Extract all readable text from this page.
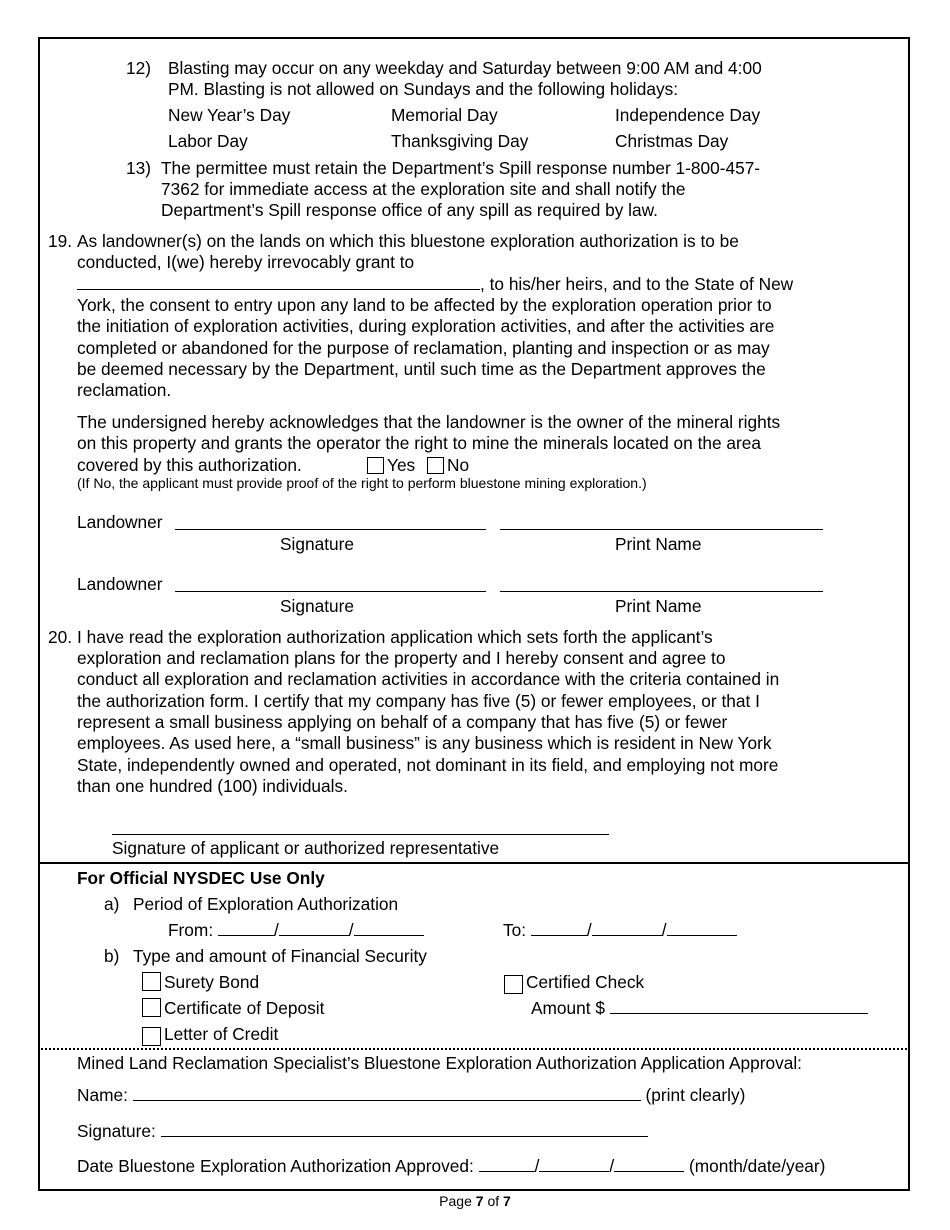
12) Blasting may occur on any weekday and Saturday between 9:00 AM and 4:00
PM. Blasting is not allowed on Sundays and the following holidays:
New Year’s Day	Memorial Day	Independence Day
Labor Day	Thanksgiving Day	Christmas Day
13) The permittee must retain the Department’s Spill response number 1-800-457-
7362 for immediate access at the exploration site and shall notify the
Department’s Spill response office of any spill as required by law.
19. As landowner(s) on the lands on which this bluestone exploration authorization is to be
conducted, I(we) hereby irrevocably grant to
, to his/her heirs, and to the State of New
York, the consent to entry upon any land to be affected by the exploration operation prior to
the initiation of exploration activities, during exploration activities, and after the activities are
completed or abandoned for the purpose of reclamation, planting and inspection or as may
be deemed necessary by the Department, until such time as the Department approves the
reclamation.
The undersigned hereby acknowledges that the landowner is the owner of the mineral rights
on this property and grants the operator the right to mine the minerals located on the area
covered by this authorization.	Yes	No
(If No, the applicant must provide proof of the right to perform bluestone mining exploration.)
Landowner
Signature	Print Name
Landowner
Signature	Print Name
20. I have read the exploration authorization application which sets forth the applicant’s
exploration and reclamation plans for the property and I hereby consent and agree to
conduct all exploration and reclamation activities in accordance with the criteria contained in
the authorization form. I certify that my company has five (5) or fewer employees, or that I
represent a small business applying on behalf of a company that has five (5) or fewer
employees. As used here, a “small business” is any business which is resident in New York
State, independently owned and operated, not dominant in its field, and employing not more
than one hundred (100) individuals.
Signature of applicant or authorized representative
For Official NYSDEC Use Only
a) Period of Exploration Authorization
From:	/	/	To:	/	/
b) Type and amount of Financial Security
Surety Bond	Certified Check
Certificate of Deposit	Amount $
Letter of Credit
Mined Land Reclamation Specialist’s Bluestone Exploration Authorization Application Approval:
Name:	(print clearly)
Signature:
Date Bluestone Exploration Authorization Approved:	/	/	(month/date/year)
Page 7 of 7
